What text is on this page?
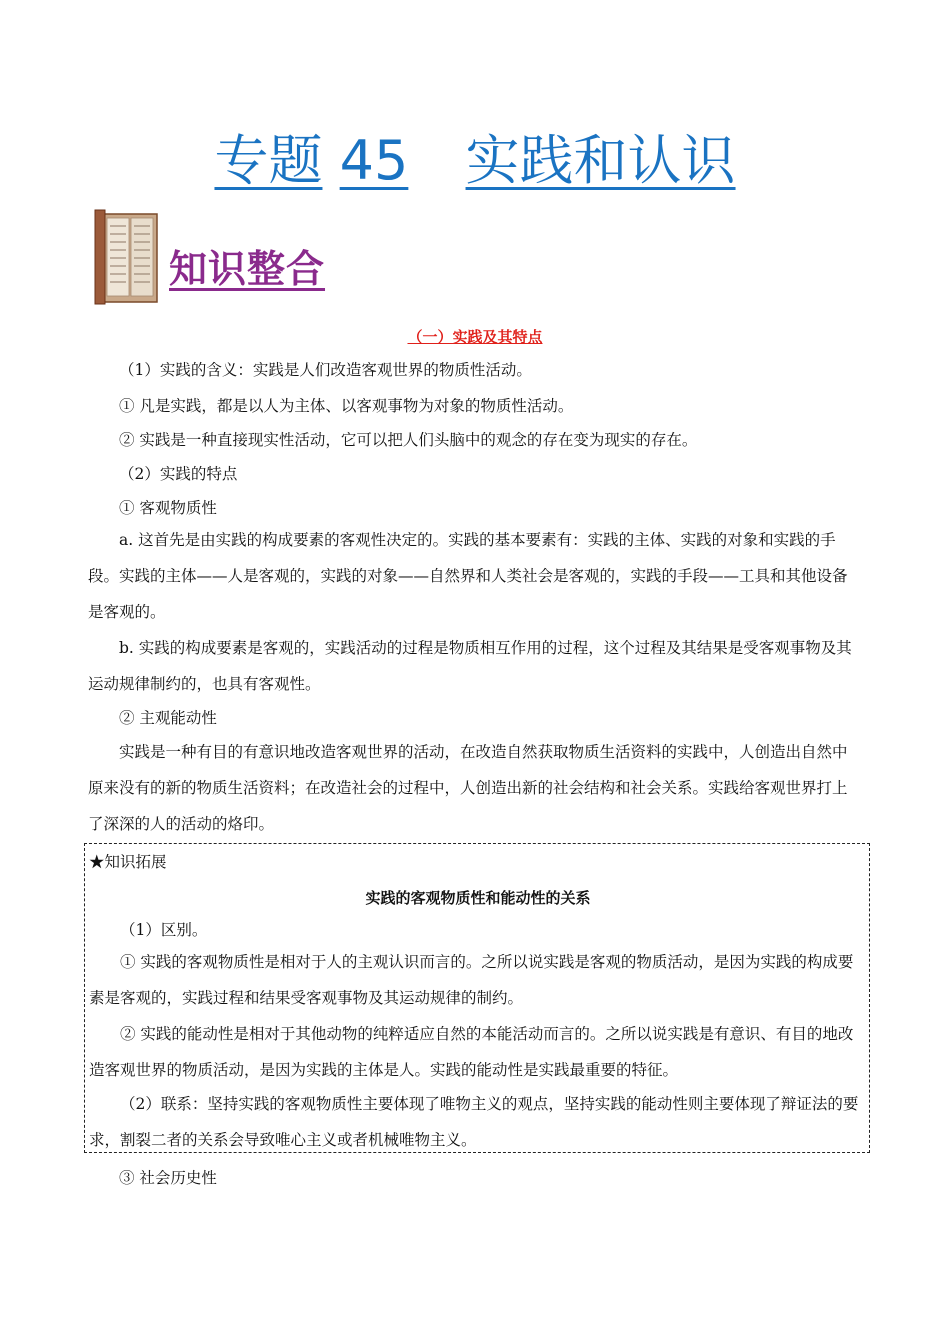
专题 45 实践和认识
知识整合
（一）实践及其特点

（1）实践的含义：实践是人们改造客观世界的物质性活动。

① 凡是实践，都是以人为主体、以客观事物为对象的物质性活动。

② 实践是一种直接现实性活动，它可以把人们头脑中的观念的存在变为现实的存在。

（2）实践的特点

① 客观物质性

a. 这首先是由实践的构成要素的客观性决定的。实践的基本要素有：实践的主体、实践的对象和实践的手段。实践的主体——人是客观的，实践的对象——自然界和人类社会是客观的，实践的手段——工具和其他设备是客观的。

b. 实践的构成要素是客观的，实践活动的过程是物质相互作用的过程，这个过程及其结果是受客观事物及其运动规律制约的，也具有客观性。

② 主观能动性

实践是一种有目的有意识地改造客观世界的活动，在改造自然获取物质生活资料的实践中，人创造出自然中原来没有的新的物质生活资料；在改造社会的过程中，人创造出新的社会结构和社会关系。实践给客观世界打上了深深的人的活动的烙印。

★知识拓展

实践的客观物质性和能动性的关系

（1）区别。

① 实践的客观物质性是相对于人的主观认识而言的。之所以说实践是客观的物质活动，是因为实践的构成要素是客观的，实践过程和结果受客观事物及其运动规律的制约。

② 实践的能动性是相对于其他动物的纯粹适应自然的本能活动而言的。之所以说实践是有意识、有目的地改造客观世界的物质活动，是因为实践的主体是人。实践的能动性是实践最重要的特征。

（2）联系：坚持实践的客观物质性主要体现了唯物主义的观点，坚持实践的能动性则主要体现了辩证法的要求，割裂二者的关系会导致唯心主义或者机械唯物主义。

③ 社会历史性
